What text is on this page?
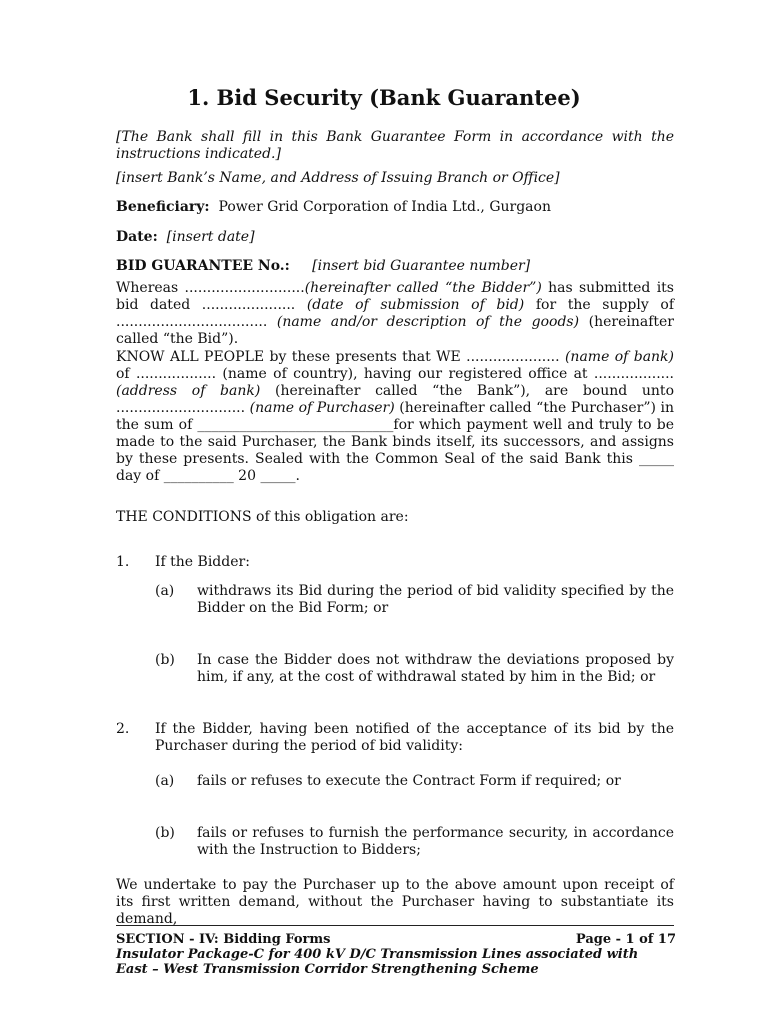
1. Bid Security (Bank Guarantee)
[The Bank shall fill in this Bank Guarantee Form in accordance with the instructions indicated.]
[insert Bank’s Name, and Address of Issuing Branch or Office]
Beneficiary: Power Grid Corporation of India Ltd., Gurgaon
Date: [insert date]
BID GUARANTEE No.: [insert bid Guarantee number]
Whereas ...........................(hereinafter called “the Bidder”) has submitted its bid dated ..................... (date of submission of bid) for the supply of .................................. (name and/or description of the goods) (hereinafter called “the Bid”).
KNOW ALL PEOPLE by these presents that WE ..................... (name of bank) of .................. (name of country), having our registered office at .................. (address of bank) (hereinafter called “the Bank”), are bound unto ............................. (name of Purchaser) (hereinafter called “the Purchaser”) in the sum of ____________________________for which payment well and truly to be made to the said Purchaser, the Bank binds itself, its successors, and assigns by these presents. Sealed with the Common Seal of the said Bank this _____ day of __________ 20 _____.
THE CONDITIONS of this obligation are:
1. If the Bidder:
(a) withdraws its Bid during the period of bid validity specified by the Bidder on the Bid Form; or
(b) In case the Bidder does not withdraw the deviations proposed by him, if any, at the cost of withdrawal stated by him in the Bid; or
2. If the Bidder, having been notified of the acceptance of its bid by the Purchaser during the period of bid validity:
(a) fails or refuses to execute the Contract Form if required; or
(b) fails or refuses to furnish the performance security, in accordance with the Instruction to Bidders;
We undertake to pay the Purchaser up to the above amount upon receipt of its first written demand, without the Purchaser having to substantiate its demand,
SECTION - IV: Bidding Forms	Page - 1 of 17
Insulator Package-C for 400 kV D/C Transmission Lines associated with
East – West Transmission Corridor Strengthening Scheme
